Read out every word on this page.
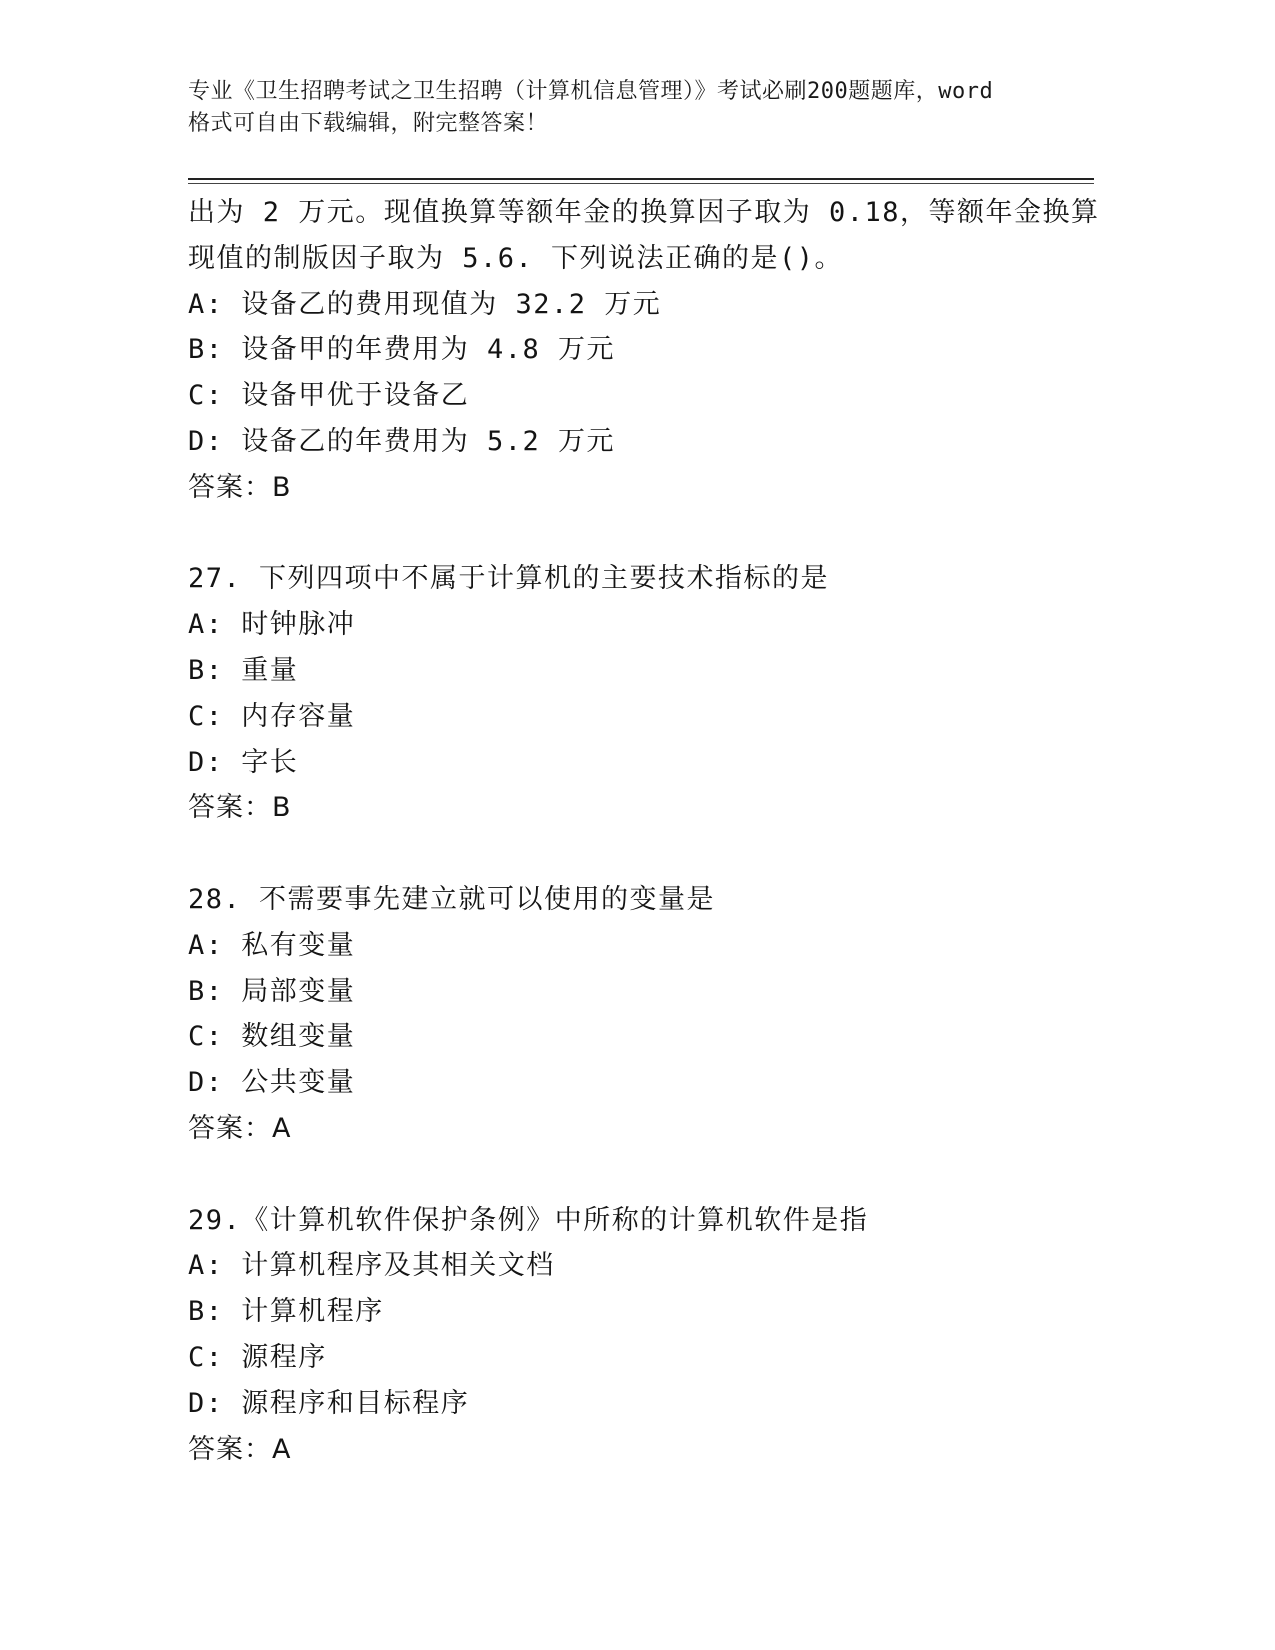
专业《卫生招聘考试之卫生招聘（计算机信息管理）》考试必刷200题题库，word
格式可自由下载编辑，附完整答案！
出为 2 万元。现值换算等额年金的换算因子取为 0.18，等额年金换算
现值的制版因子取为 5.6. 下列说法正确的是()。
A: 设备乙的费用现值为 32.2 万元
B: 设备甲的年费用为 4.8 万元
C: 设备甲优于设备乙
D: 设备乙的年费用为 5.2 万元
答案：B
27. 下列四项中不属于计算机的主要技术指标的是
A: 时钟脉冲
B: 重量
C: 内存容量
D: 字长
答案：B
28. 不需要事先建立就可以使用的变量是
A: 私有变量
B: 局部变量
C: 数组变量
D: 公共变量
答案：A
29.《计算机软件保护条例》中所称的计算机软件是指
A: 计算机程序及其相关文档
B: 计算机程序
C: 源程序
D: 源程序和目标程序
答案：A
